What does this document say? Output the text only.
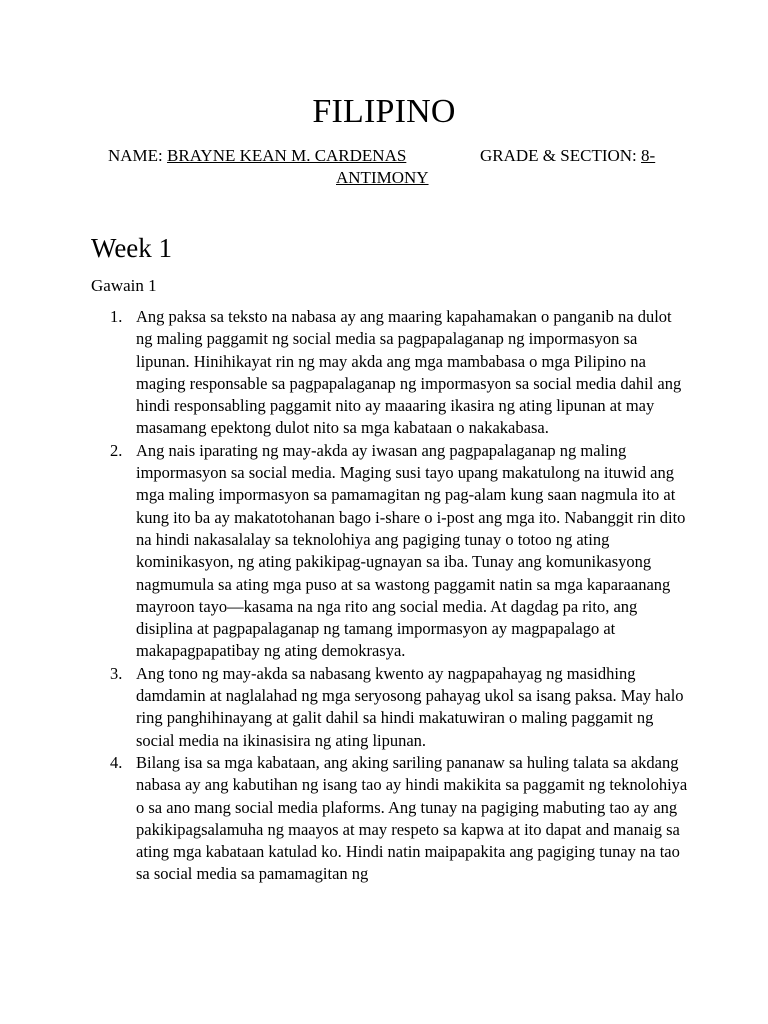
FILIPINO
NAME: BRAYNE KEAN M. CARDENAS	GRADE & SECTION: 8-
ANTIMONY
Week 1
Gawain 1
1. Ang paksa sa teksto na nabasa ay ang maaring kapahamakan o panganib na dulot ng maling paggamit ng social media sa pagpapalaganap ng impormasyon sa lipunan. Hinihikayat rin ng may akda ang mga mambabasa o mga Pilipino na maging responsable sa pagpapalaganap ng impormasyon sa social media dahil ang hindi responsabling paggamit nito ay maaaring ikasira ng ating lipunan at may masamang epektong dulot nito sa mga kabataan o nakakabasa.
2. Ang nais iparating ng may-akda ay iwasan ang pagpapalaganap ng maling impormasyon sa social media. Maging susi tayo upang makatulong na ituwid ang mga maling impormasyon sa pamamagitan ng pag-alam kung saan nagmula ito at kung ito ba ay makatotohanan bago i-share o i-post ang mga ito. Nabanggit rin dito na hindi nakasalalay sa teknolohiya ang pagiging tunay o totoo ng ating kominikasyon, ng ating pakikipag-ugnayan sa iba. Tunay ang komunikasyong nagmumula sa ating mga puso at sa wastong paggamit natin sa mga kaparaanang mayroon tayo—kasama na nga rito ang social media. At dagdag pa rito, ang disiplina at pagpapalaganap ng tamang impormasyon ay magpapalago at makapagpapatibay ng ating demokrasya.
3. Ang tono ng may-akda sa nabasang kwento ay nagpapahayag ng masidhing damdamin at naglalahad ng mga seryosong pahayag ukol sa isang paksa. May halo ring panghihinayang at galit dahil sa hindi makatuwiran o maling paggamit ng social media na ikinasisira ng ating lipunan.
4. Bilang isa sa mga kabataan, ang aking sariling pananaw sa huling talata sa akdang nabasa ay ang kabutihan ng isang tao ay hindi makikita sa paggamit ng teknolohiya o sa ano mang social media plaforms. Ang tunay na pagiging mabuting tao ay ang pakikipagsalamuha ng maayos at may respeto sa kapwa at ito dapat and manaig sa ating mga kabataan katulad ko. Hindi natin maipapakita ang pagiging tunay na tao sa social media sa pamamagitan ng
